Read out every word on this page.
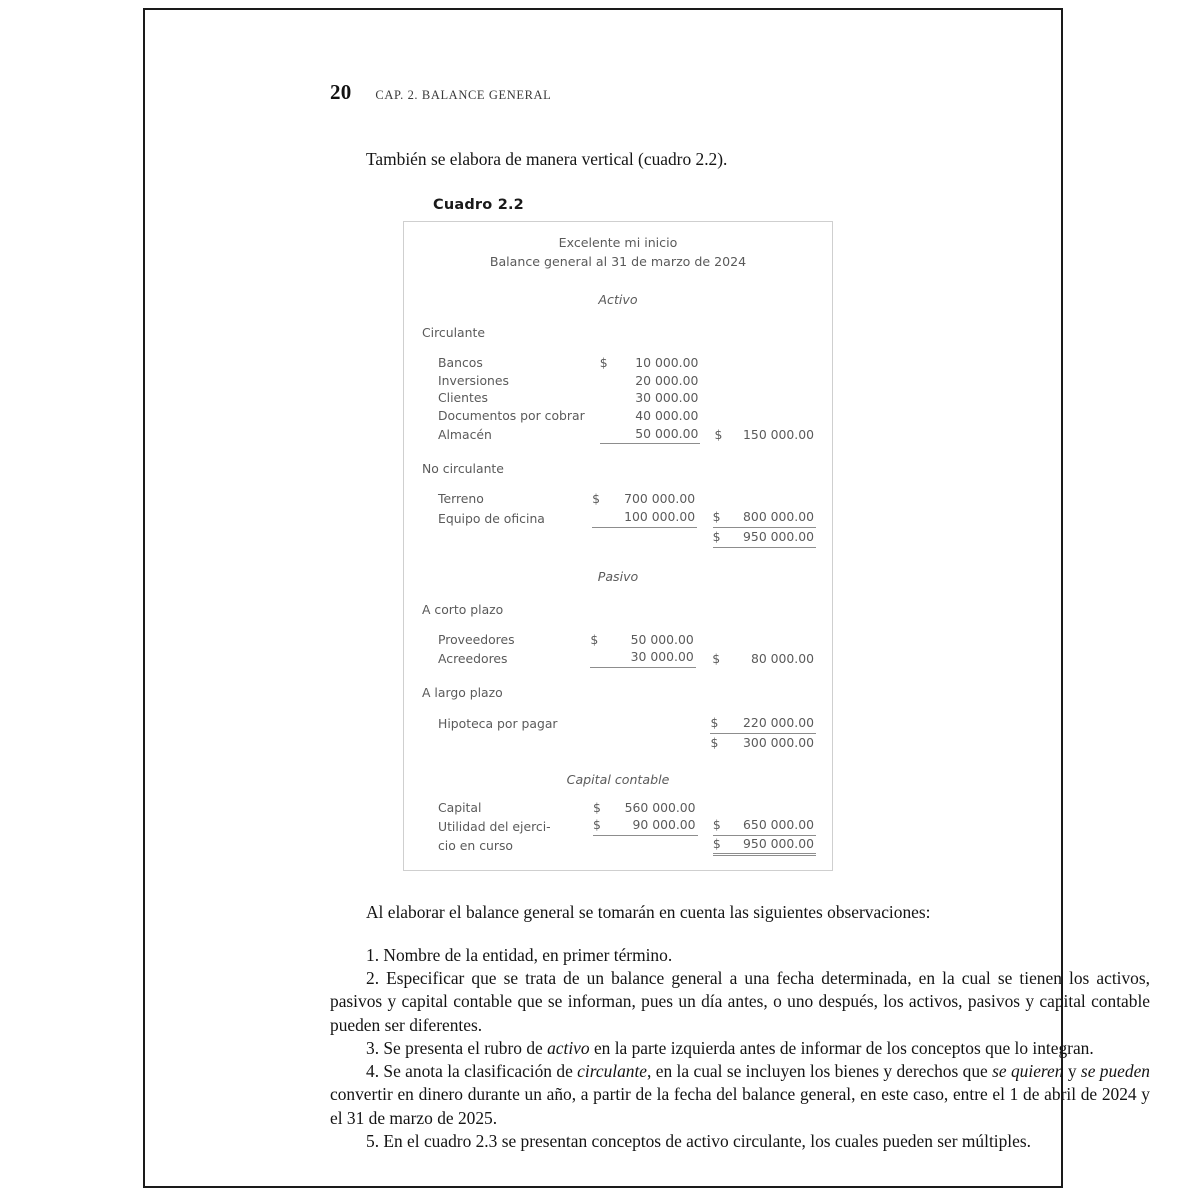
20 CAP. 2. BALANCE GENERAL

También se elabora de manera vertical (cuadro 2.2).

Cuadro 2.2
Excelente mi inicio
Balance general al 31 de marzo de 2024
Activo
Circulante
Bancos	$	10 000.00			
Inversiones		20 000.00			
Clientes		30 000.00			
Documentos por cobrar		40 000.00			
Almacén		50 000.00		$	150 000.00
No circulante
Terreno	$	700 000.00			
Equipo de oficina		100 000.00		$	800 000.00
				$	950 000.00
Pasivo
A corto plazo
Proveedores	$	50 000.00			
Acreedores		30 000.00		$	80 000.00
A largo plazo
Hipoteca por pagar				$	220 000.00
				$	300 000.00
Capital contable
Capital	$	560 000.00			
Utilidad del ejerci-	$	90 000.00		$	650 000.00
cio en curso				$	950 000.00

Al elaborar el balance general se tomarán en cuenta las siguientes observaciones:

1. Nombre de la entidad, en primer término.

2. Especificar que se trata de un balance general a una fecha determinada, en la cual se tienen los activos, pasivos y capital contable que se informan, pues un día antes, o uno después, los activos, pasivos y capital contable pueden ser diferentes.

3. Se presenta el rubro de activo en la parte izquierda antes de informar de los conceptos que lo integran.

4. Se anota la clasificación de circulante, en la cual se incluyen los bienes y derechos que se quieren y se pueden convertir en dinero durante un año, a partir de la fecha del balance general, en este caso, entre el 1 de abril de 2024 y el 31 de marzo de 2025.

5. En el cuadro 2.3 se presentan conceptos de activo circulante, los cuales pueden ser múltiples.
